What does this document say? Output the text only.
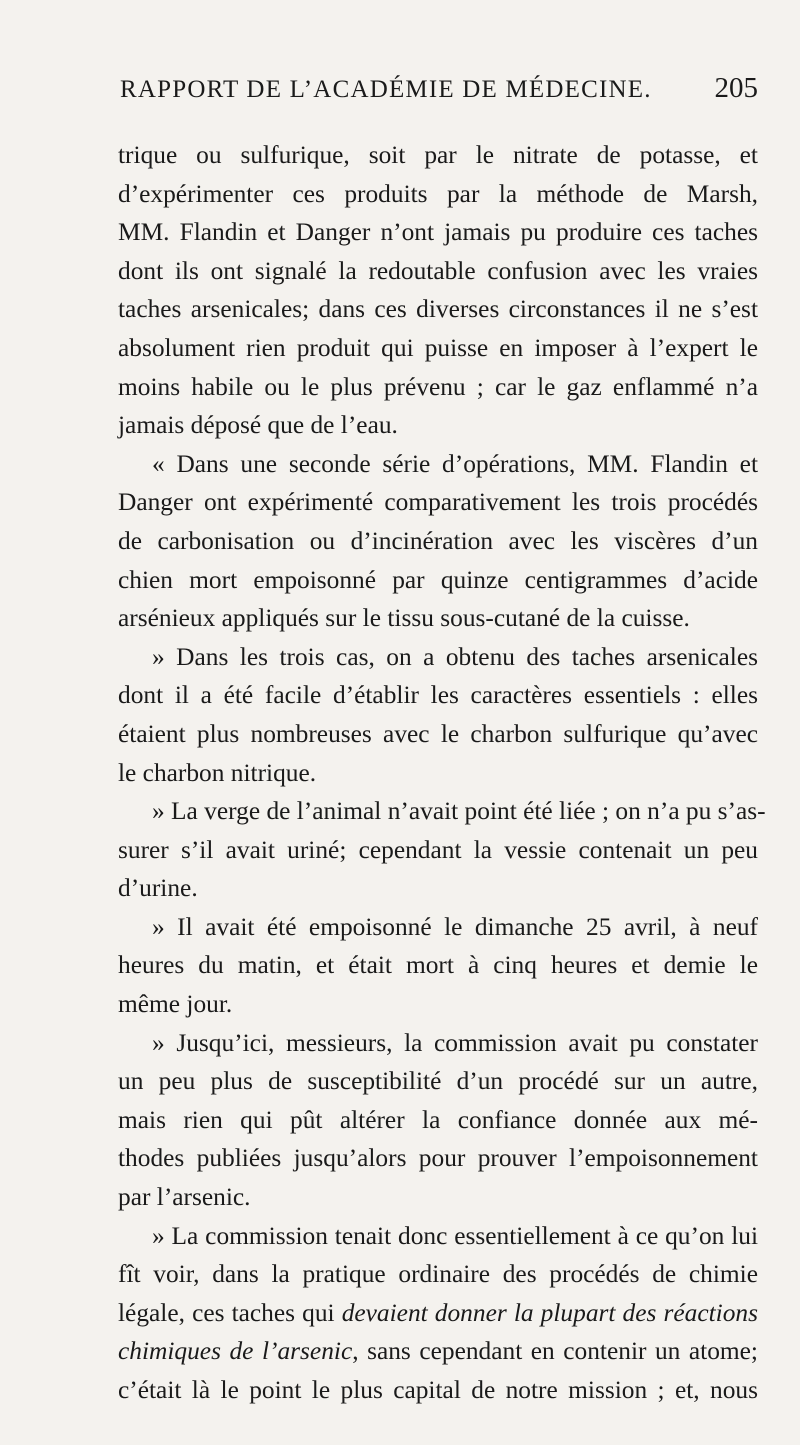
RAPPORT DE L’ACADÉMIE DE MÉDECINE. 205
trique ou sulfurique, soit par le nitrate de potasse, et
d’expérimenter ces produits par la méthode de Marsh,
MM. Flandin et Danger n’ont jamais pu produire ces taches
dont ils ont signalé la redoutable confusion avec les vraies
taches arsenicales; dans ces diverses circonstances il ne s’est
absolument rien produit qui puisse en imposer à l’expert le
moins habile ou le plus prévenu ; car le gaz enflammé n’a
jamais déposé que de l’eau.
« Dans une seconde série d’opérations, MM. Flandin et
Danger ont expérimenté comparativement les trois procédés
de carbonisation ou d’incinération avec les viscères d’un
chien mort empoisonné par quinze centigrammes d’acide
arsénieux appliqués sur le tissu sous-cutané de la cuisse.
» Dans les trois cas, on a obtenu des taches arsenicales
dont il a été facile d’établir les caractères essentiels : elles
étaient plus nombreuses avec le charbon sulfurique qu’avec
le charbon nitrique.
» La verge de l’animal n’avait point été liée ; on n’a pu s’as-
surer s’il avait uriné; cependant la vessie contenait un peu
d’urine.
» Il avait été empoisonné le dimanche 25 avril, à neuf
heures du matin, et était mort à cinq heures et demie le
même jour.
» Jusqu’ici, messieurs, la commission avait pu constater
un peu plus de susceptibilité d’un procédé sur un autre,
mais rien qui pût altérer la confiance donnée aux mé-
thodes publiées jusqu’alors pour prouver l’empoisonnement
par l’arsenic.
» La commission tenait donc essentiellement à ce qu’on lui
fît voir, dans la pratique ordinaire des procédés de chimie
légale, ces taches qui devaient donner la plupart des réactions
chimiques de l’arsenic, sans cependant en contenir un atome;
c’était là le point le plus capital de notre mission ; et, nous
